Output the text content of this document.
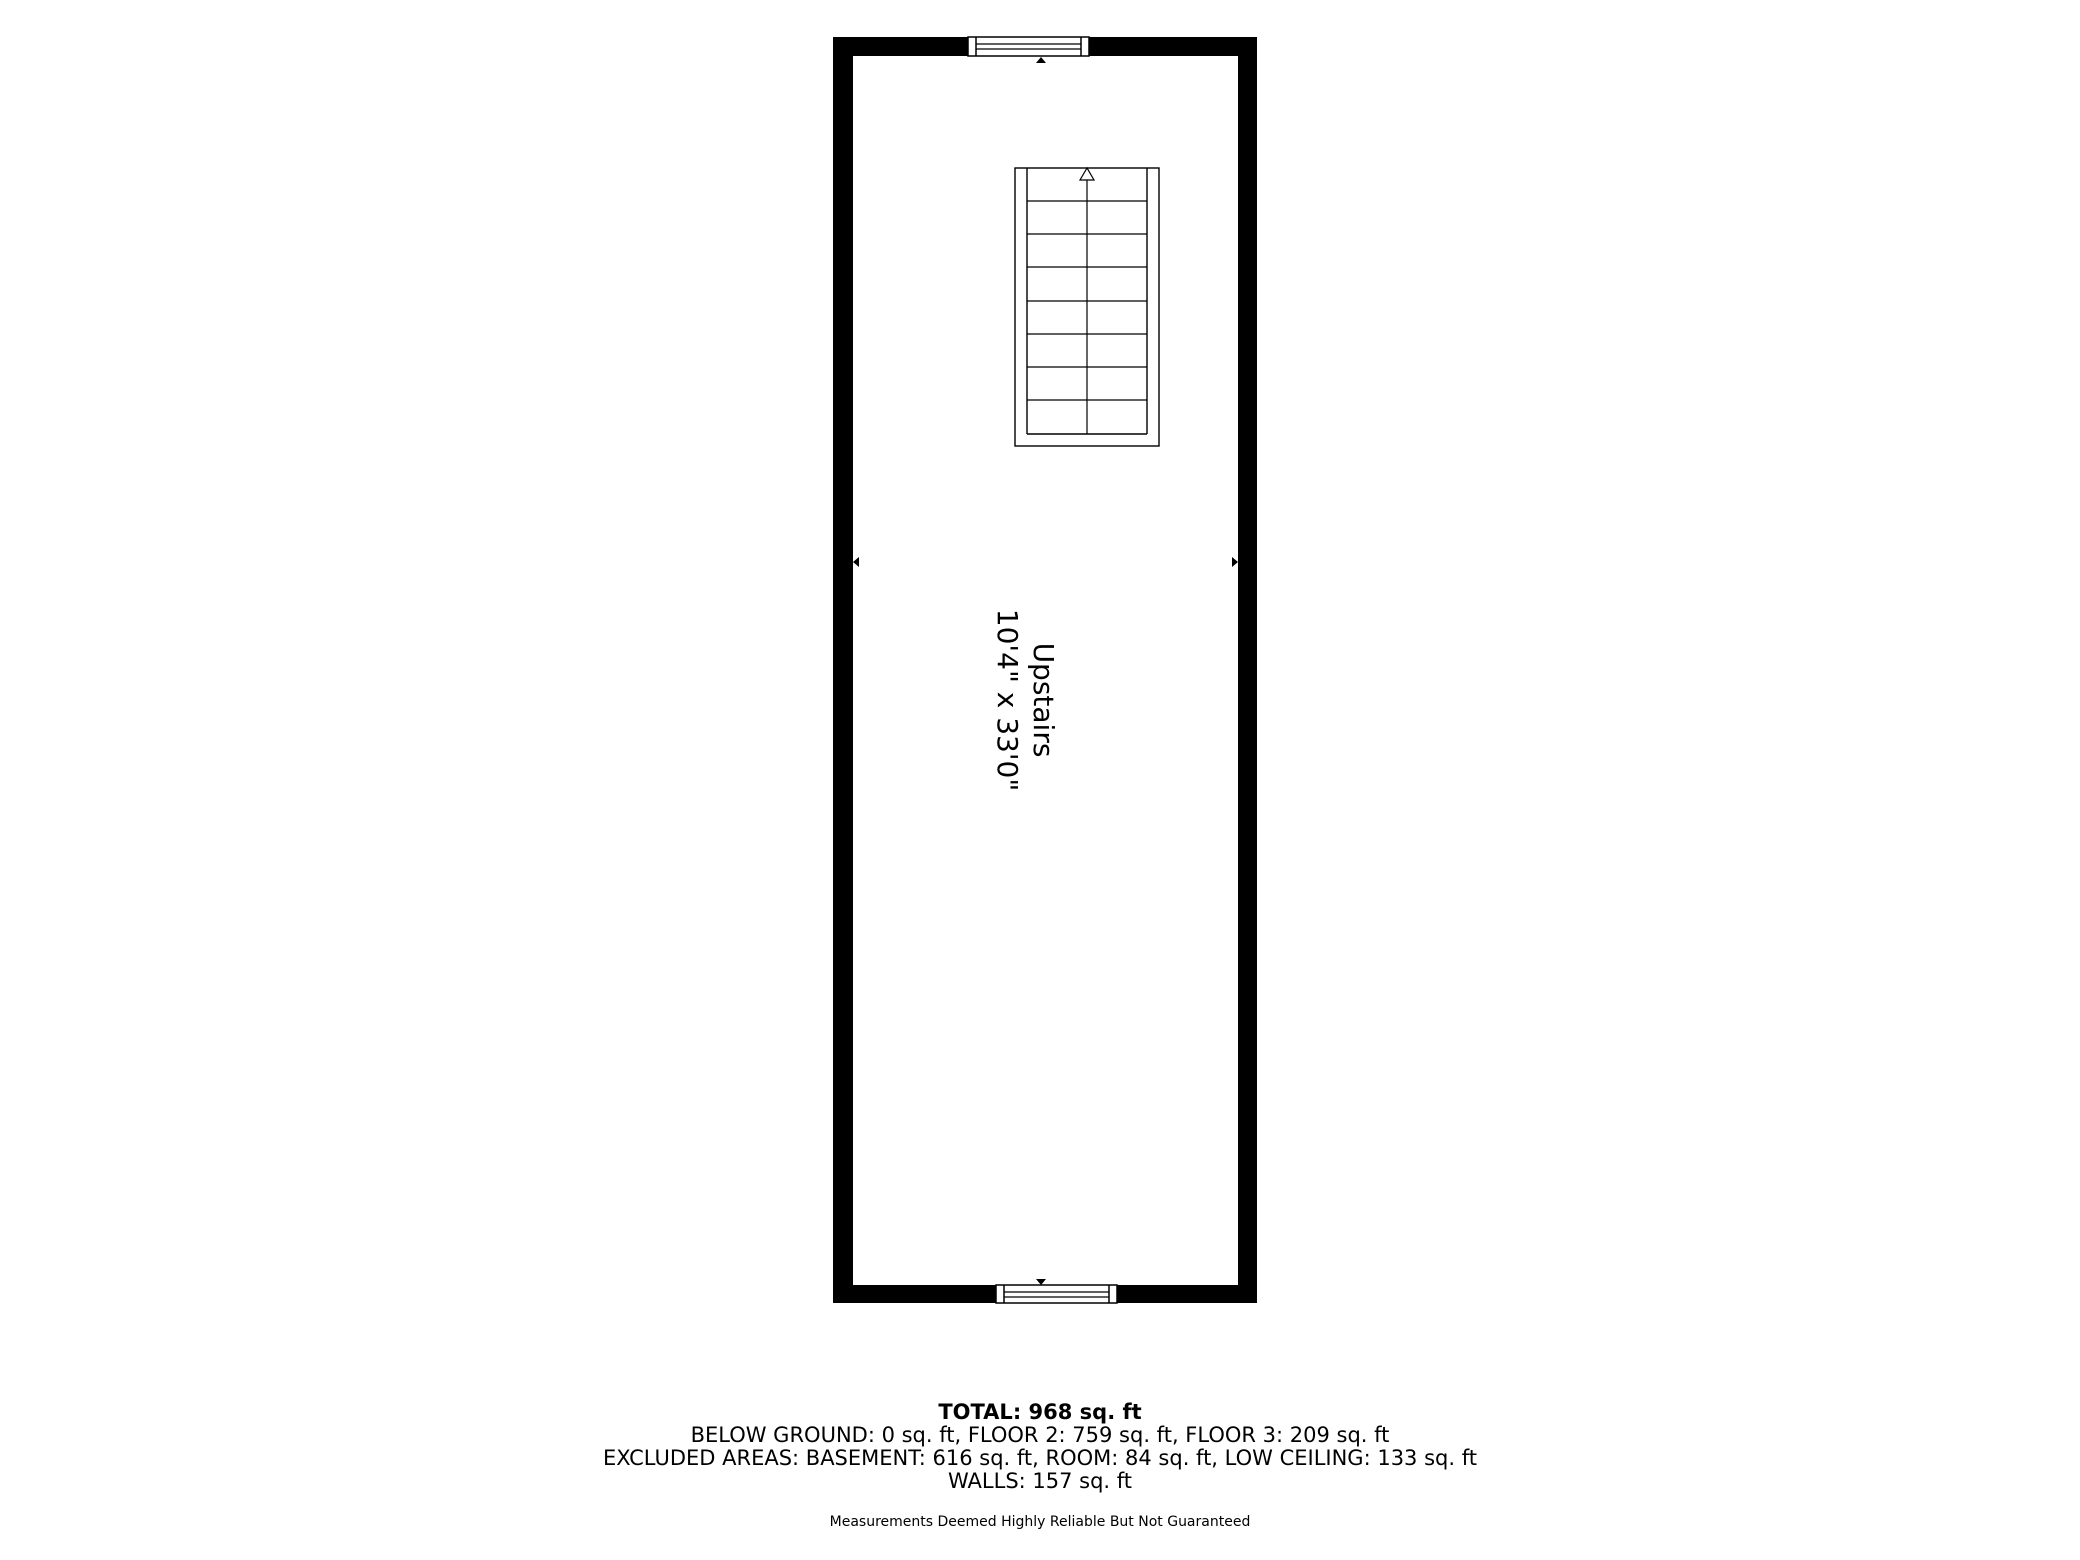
Upstairs
10'4" x 33'0"
TOTAL: 968 sq. ft
BELOW GROUND: 0 sq. ft, FLOOR 2: 759 sq. ft, FLOOR 3: 209 sq. ft
EXCLUDED AREAS: BASEMENT: 616 sq. ft, ROOM: 84 sq. ft, LOW CEILING: 133 sq. ft
WALLS: 157 sq. ft
Measurements Deemed Highly Reliable But Not Guaranteed
